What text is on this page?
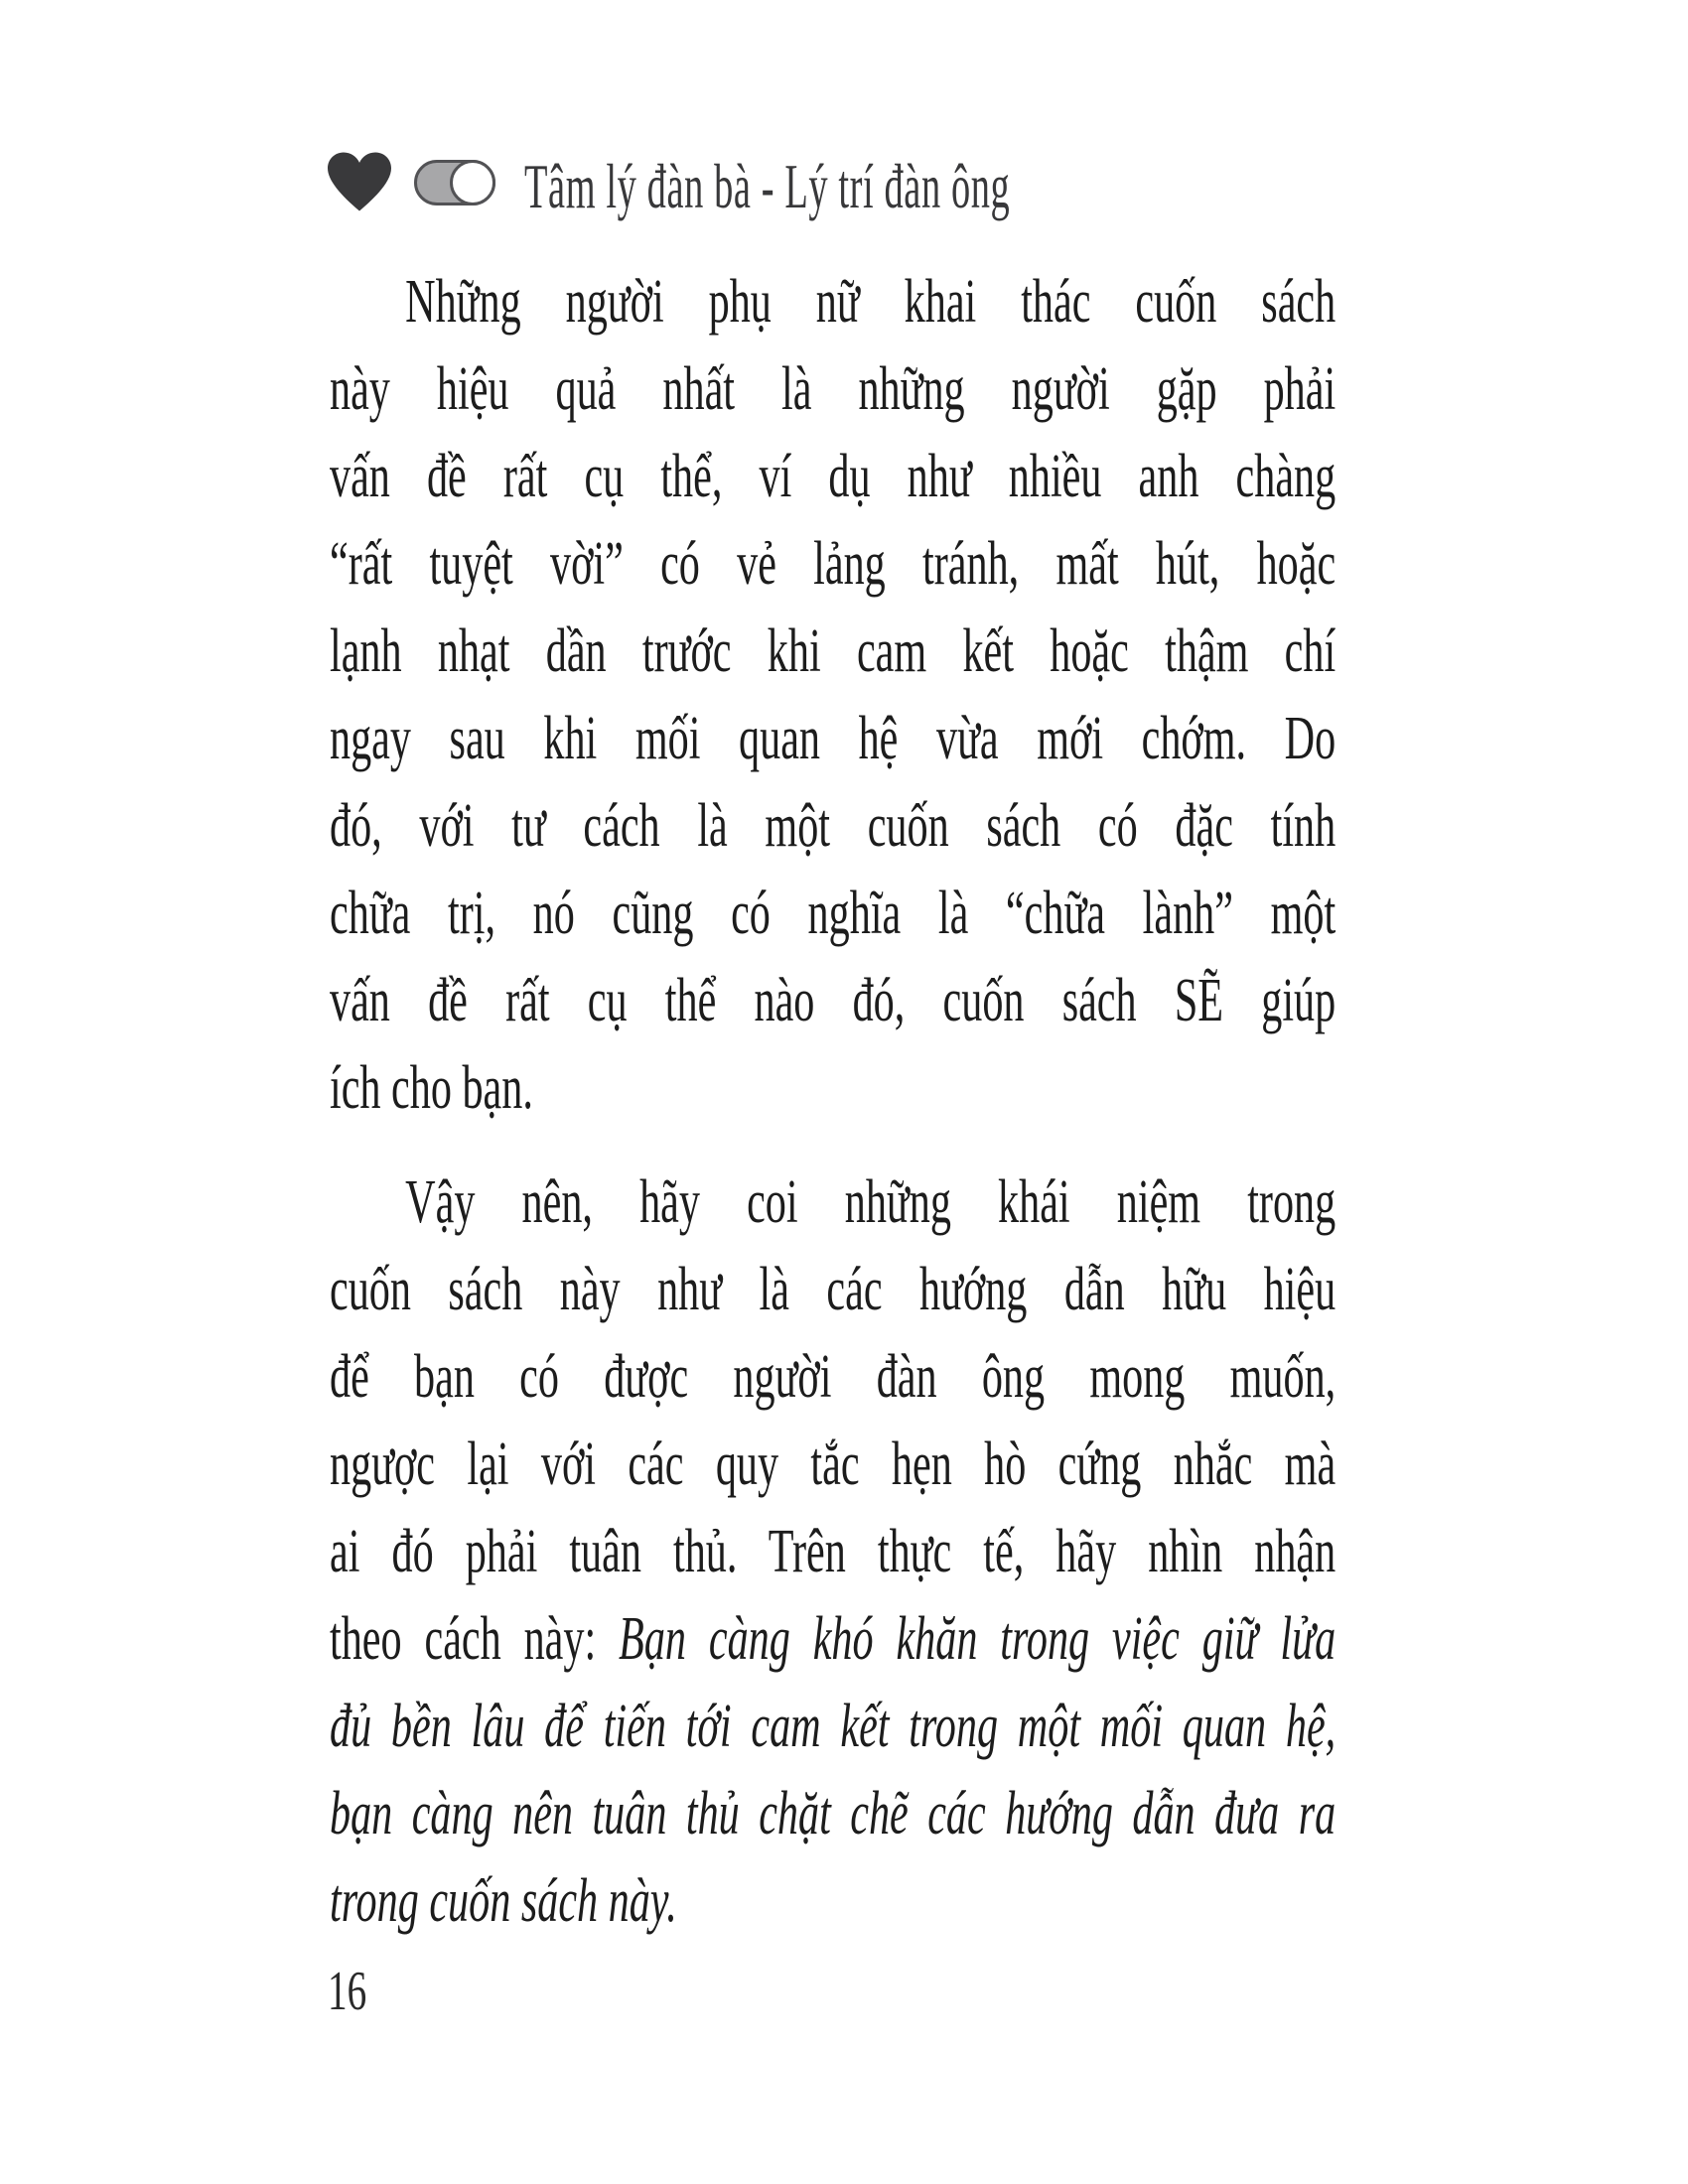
Tâm lý đàn bà - Lý trí đàn ông
Những người phụ nữ khai thác cuốn sách
này hiệu quả nhất là những người gặp phải
vấn đề rất cụ thể, ví dụ như nhiều anh chàng
“rất tuyệt vời” có vẻ lảng tránh, mất hút, hoặc
lạnh nhạt dần trước khi cam kết hoặc thậm chí
ngay sau khi mối quan hệ vừa mới chớm. Do
đó, với tư cách là một cuốn sách có đặc tính
chữa trị, nó cũng có nghĩa là “chữa lành” một
vấn đề rất cụ thể nào đó, cuốn sách SẼ giúp
ích cho bạn.
Vậy nên, hãy coi những khái niệm trong
cuốn sách này như là các hướng dẫn hữu hiệu
để bạn có được người đàn ông mong muốn,
ngược lại với các quy tắc hẹn hò cứng nhắc mà
ai đó phải tuân thủ. Trên thực tế, hãy nhìn nhận
theo cách này: Bạn càng khó khăn trong việc giữ lửa
đủ bền lâu để tiến tới cam kết trong một mối quan hệ,
bạn càng nên tuân thủ chặt chẽ các hướng dẫn đưa ra
trong cuốn sách này.
16
